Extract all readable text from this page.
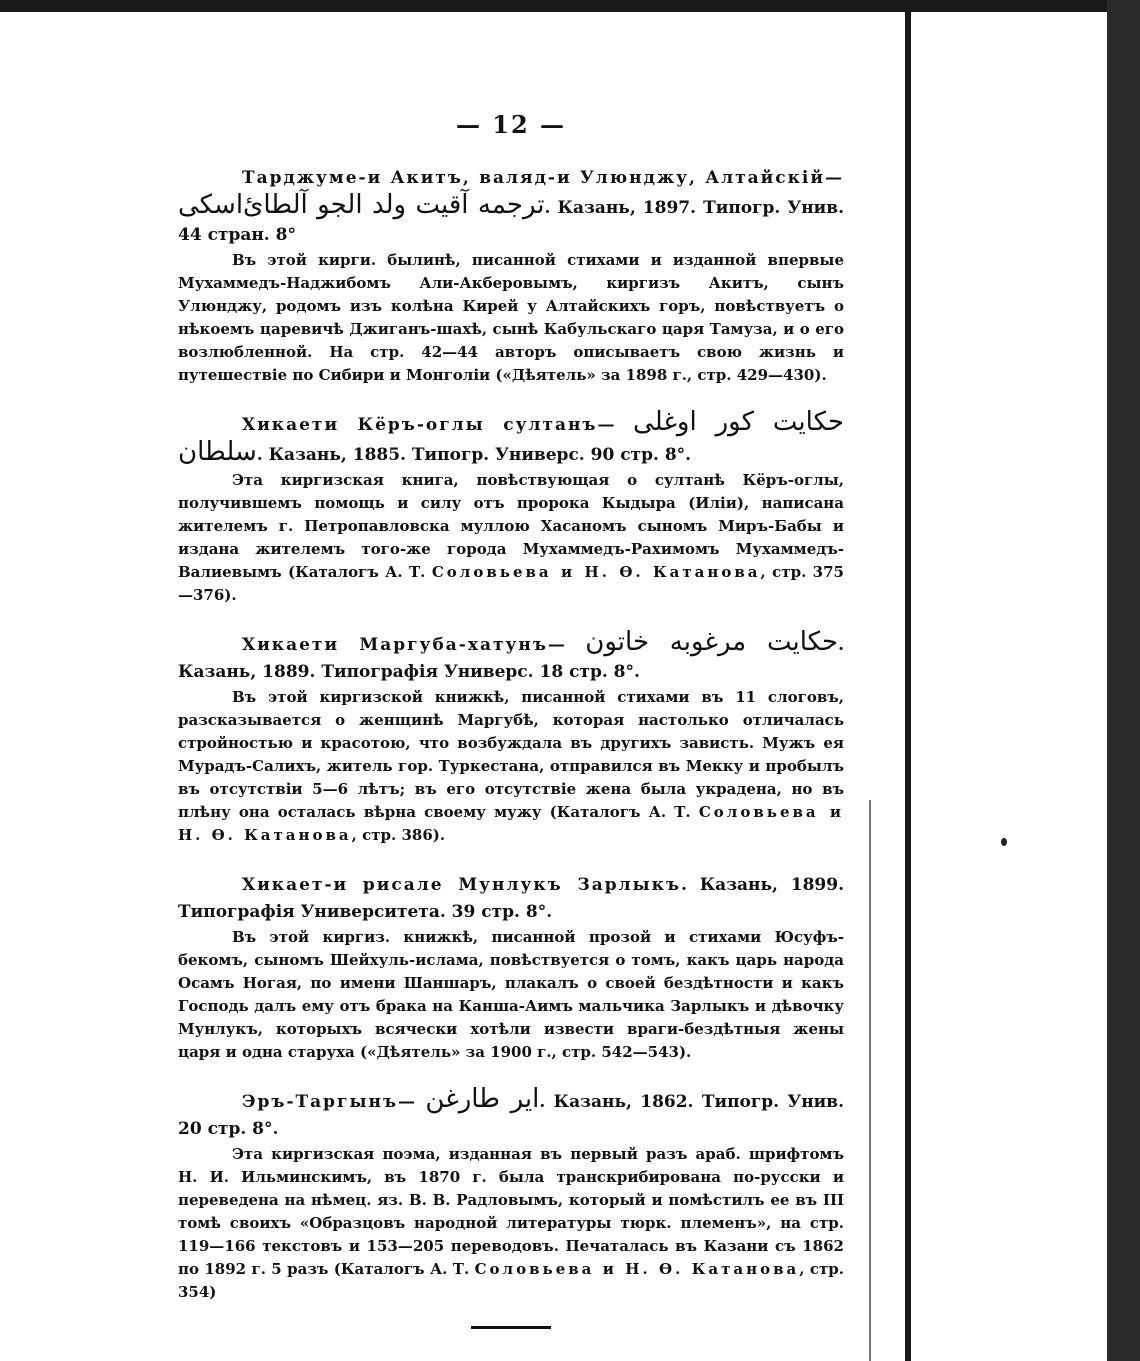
— 12 —
Тарджуме-и Акитъ, валяд-и Улюнджу, Алтайскiй— ترجمه آقیت ولد الجو آلطایٔ‌اسکی. Казань, 1897. Типогр. Унив. 44 стран. 8°

Въ этой кирги. былинѣ, писанной стихами и изданной впервые Мухаммедъ-Наджибомъ Али-Акберовымъ, киргизъ Акитъ, сынъ Улюнджу, родомъ изъ колѣна Кирей у Алтайскихъ горъ, повѣствуетъ о нѣкоемъ царевичѣ Джиганъ-шахѣ, сынѣ Кабульскаго царя Тамуза, и о его возлюбленной. На стр. 42—44 авторъ описываетъ свою жизнь и путешествiе по Сибири и Монголiи («Дѣятель» за 1898 г., стр. 429—430).

Хикаети Кёръ-оглы султанъ— حکایت کور اوغلی سلطان. Казань, 1885. Типогр. Универс. 90 стр. 8°.

Эта киргизская книга, повѣствующая о султанѣ Кёръ-оглы, получившемъ помощь и силу отъ пророка Кыдыра (Илiи), написана жителемъ г. Петропавловска муллою Хасаномъ сыномъ Миръ-Бабы и издана жителемъ того-же города Мухаммедъ-Рахимомъ Мухаммедъ-Валиевымъ (Каталогъ А. Т. Соловьева и Н. Ө. Катанова, стр. 375—376).

Хикаети Маргуба-хатунъ— حکایت مرغوبه خاتون. Казань, 1889. Типографiя Универс. 18 стр. 8°.

Въ этой киргизской книжкѣ, писанной стихами въ 11 слоговъ, разсказывается о женщинѣ Маргубѣ, которая настолько отличалась стройностью и красотою, что возбуждала въ другихъ зависть. Мужъ ея Мурадъ-Салихъ, житель гор. Туркестана, отправился въ Мекку и пробылъ въ отсутствiи 5—6 лѣтъ; въ его отсутствiе жена была украдена, но въ плѣну она осталась вѣрна своему мужу (Каталогъ А. Т. Соловьева и Н. Ө. Катанова, стр. 386).

Хикает-и рисале Мунлукъ Зарлыкъ. Казань, 1899. Типографiя Университета. 39 стр. 8°.

Въ этой киргиз. книжкѣ, писанной прозой и стихами Юсуфъ-бекомъ, сыномъ Шейхуль-ислама, повѣствуется о томъ, какъ царь народа Осамъ Ногая, по имени Шаншаръ, плакалъ о своей бездѣтности и какъ Господь далъ ему отъ брака на Канша-Аимъ мальчика Зарлыкъ и дѣвочку Мунлукъ, которыхъ всячески хотѣли извести враги-бездѣтныя жены царя и одна старуха («Дѣятель» за 1900 г., стр. 542—543).

Эръ-Таргынъ— ایر طارغن. Казань, 1862. Типогр. Унив. 20 стр. 8°.

Эта киргизская поэма, изданная въ первый разъ араб. шрифтомъ Н. И. Ильминскимъ, въ 1870 г. была транскрибирована по-русски и переведена на нѣмец. яз. В. В. Радловымъ, который и помѣстилъ ее въ III томѣ своихъ «Образцовъ народной литературы тюрк. племенъ», на стр. 119—166 текстовъ и 153—205 переводовъ. Печаталась въ Казани съ 1862 по 1892 г. 5 разъ (Каталогъ А. Т. Соловьева и Н. Ө. Катанова, стр. 354)
